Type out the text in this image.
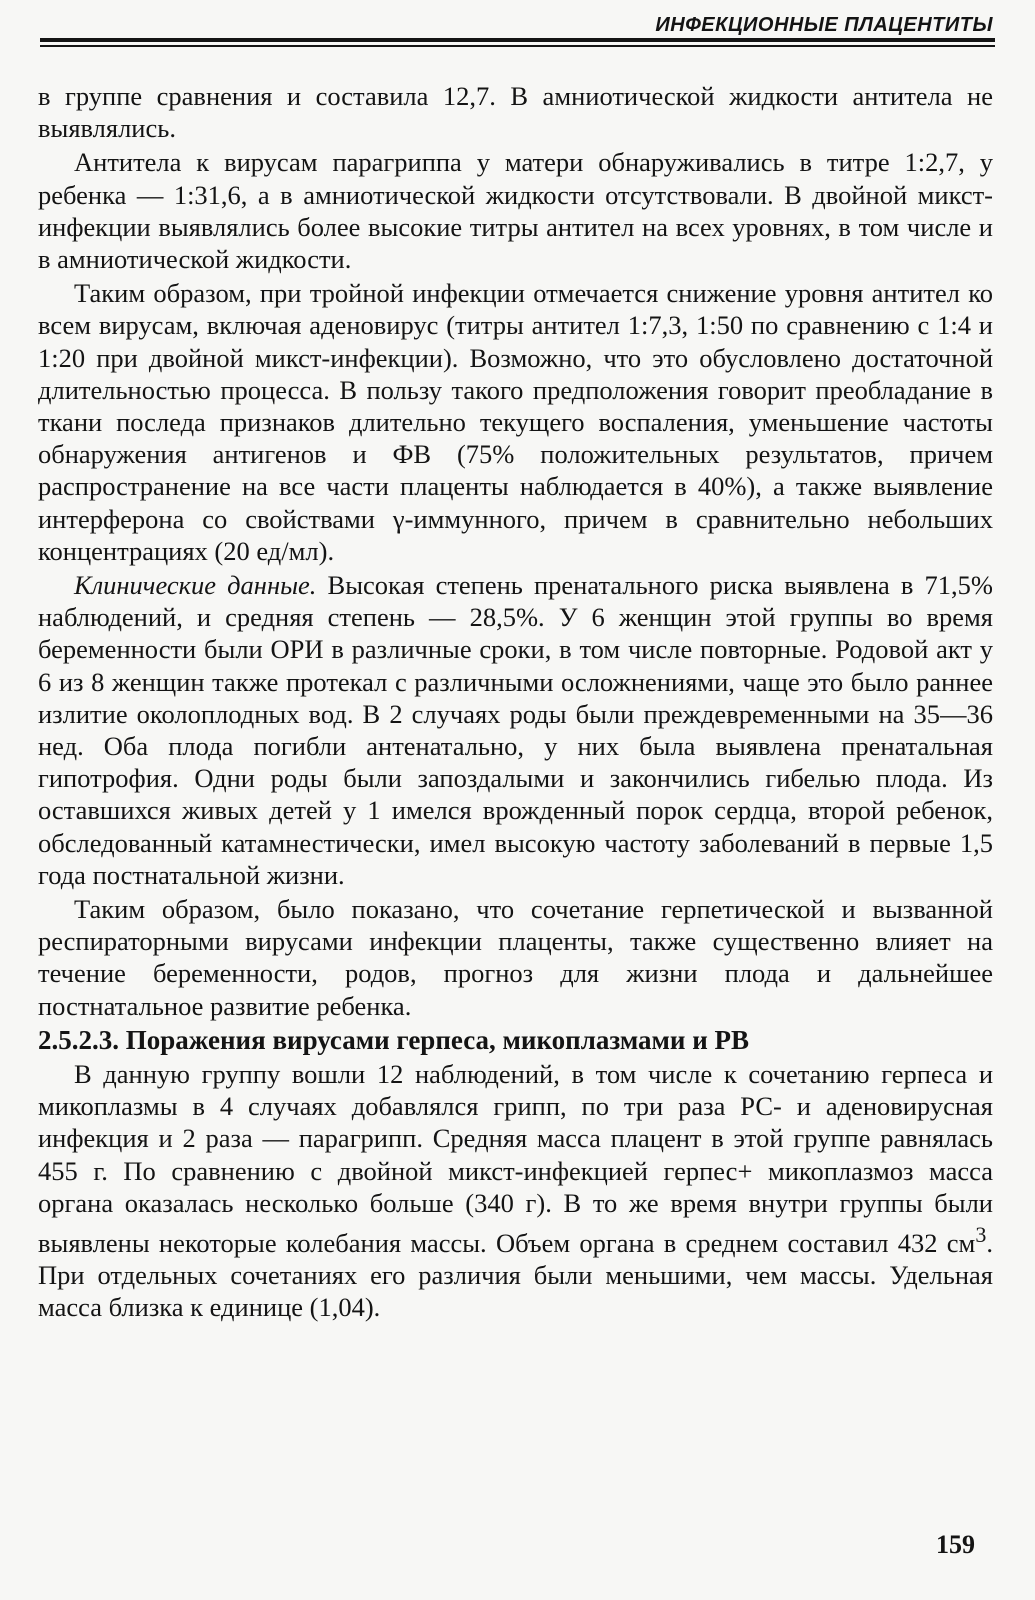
ИНФЕКЦИОННЫЕ ПЛАЦЕНТИТЫ

в группе сравнения и составила 12,7. В амниотической жидкости антитела не выявлялись.

Антитела к вирусам парагриппа у матери обнаруживались в титре 1:2,7, у ребенка — 1:31,6, а в амниотической жидкости отсутствовали. В двойной микст-инфекции выявлялись более высокие титры антител на всех уровнях, в том числе и в амниотической жидкости.

Таким образом, при тройной инфекции отмечается снижение уровня антител ко всем вирусам, включая аденовирус (титры антител 1:7,3, 1:50 по сравнению с 1:4 и 1:20 при двойной микст-инфекции). Возможно, что это обусловлено достаточной длительностью процесса. В пользу такого предположения говорит преобладание в ткани последа признаков длительно текущего воспаления, уменьшение частоты обнаружения антигенов и ФВ (75% положительных результатов, причем распространение на все части плаценты наблюдается в 40%), а также выявление интерферона со свойствами γ-иммунного, причем в сравнительно небольших концентрациях (20 ед/мл).

Клинические данные. Высокая степень пренатального риска выявлена в 71,5% наблюдений, и средняя степень — 28,5%. У 6 женщин этой группы во время беременности были ОРИ в различные сроки, в том числе повторные. Родовой акт у 6 из 8 женщин также протекал с различными осложнениями, чаще это было раннее излитие околоплодных вод. В 2 случаях роды были преждевременными на 35—36 нед. Оба плода погибли антенатально, у них была выявлена пренатальная гипотрофия. Одни роды были запоздалыми и закончились гибелью плода. Из оставшихся живых детей у 1 имелся врожденный порок сердца, второй ребенок, обследованный катамнестически, имел высокую частоту заболеваний в первые 1,5 года постнатальной жизни.

Таким образом, было показано, что сочетание герпетической и вызванной респираторными вирусами инфекции плаценты, также существенно влияет на течение беременности, родов, прогноз для жизни плода и дальнейшее постнатальное развитие ребенка.

2.5.2.3. Поражения вирусами герпеса, микоплазмами и РВ

В данную группу вошли 12 наблюдений, в том числе к сочетанию герпеса и микоплазмы в 4 случаях добавлялся грипп, по три раза РС- и аденовирусная инфекция и 2 раза — парагрипп. Средняя масса плацент в этой группе равнялась 455 г. По сравнению с двойной микст-инфекцией герпес+ микоплазмоз масса органа оказалась несколько больше (340 г). В то же время внутри группы были выявлены некоторые колебания массы. Объем органа в среднем составил 432 $см^3$. При отдельных сочетаниях его различия были меньшими, чем массы. Удельная масса близка к единице (1,04).

159
